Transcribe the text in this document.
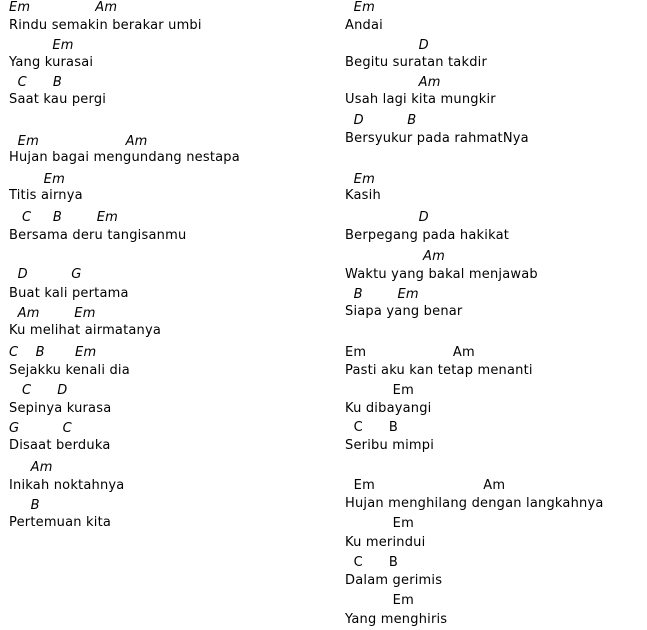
Em               Am
Rindu semakin berakar umbi
Em
Yang kurasai
C      B
Saat kau pergi
Em                    Am
Hujan bagai mengundang nestapa
Em
Titis airnya
C     B        Em
Bersama deru tangisanmu
D          G
Buat kali pertama
Am        Em
Ku melihat airmatanya
C    B       Em
Sejakku kenali dia
C      D
Sepinya kurasa
G          C
Disaat berduka
Am
Inikah noktahnya
B
Pertemuan kita
Em
Andai
D
Begitu suratan takdir
Am
Usah lagi kita mungkir
D          B
Bersyukur pada rahmatNya
Em
Kasih
D
Berpegang pada hakikat
Am
Waktu yang bakal menjawab
B        Em
Siapa yang benar
Em                    Am
Pasti aku kan tetap menanti
Em
Ku dibayangi
C      B
Seribu mimpi
Em                         Am
Hujan menghilang dengan langkahnya
Em
Ku merindui
C      B
Dalam gerimis
Em
Yang menghiris
